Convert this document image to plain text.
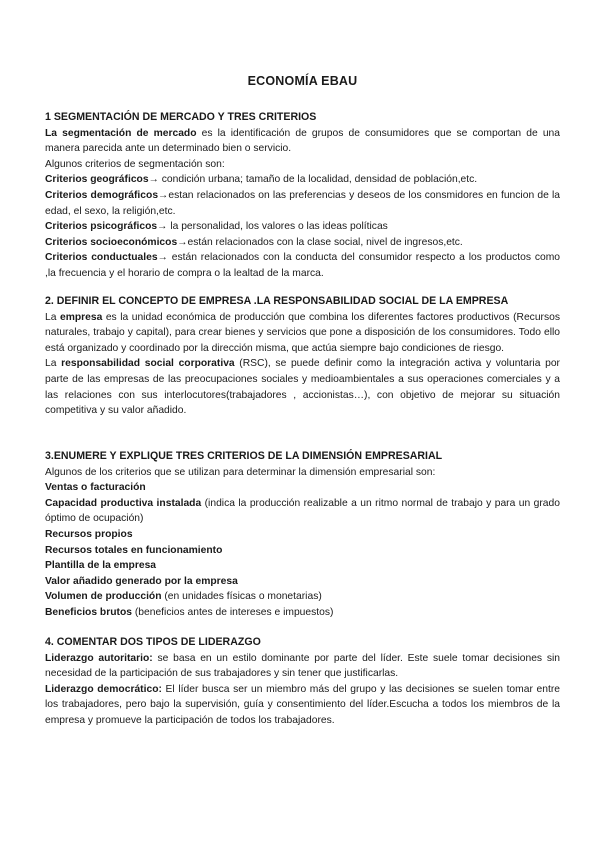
ECONOMÍA EBAU
1 SEGMENTACIÓN DE MERCADO Y TRES CRITERIOS

La segmentación de mercado es la identificación de grupos de consumidores que se comportan de una manera parecida ante un determinado bien o servicio.

Algunos criterios de segmentación son:

Criterios geográficos→ condición urbana; tamaño de la localidad, densidad de población,etc.

Criterios demográficos→estan relacionados on las preferencias y deseos de los consmidores en funcion de la edad, el sexo, la religión,etc.

Criterios psicográficos→ la personalidad, los valores o las ideas políticas

Criterios socioeconómicos→están relacionados con la clase social, nivel de ingresos,etc.

Criterios conductuales→ están relacionados con la conducta del consumidor respecto a los productos como ,la frecuencia y el horario de compra o la lealtad de la marca.

2. DEFINIR EL CONCEPTO DE EMPRESA .LA RESPONSABILIDAD SOCIAL DE LA EMPRESA

La empresa es la unidad económica de producción que combina los diferentes factores productivos (Recursos naturales, trabajo y capital), para crear bienes y servicios que pone a disposición de los consumidores. Todo ello está organizado y coordinado por la dirección misma, que actúa siempre bajo condiciones de riesgo.

La responsabilidad social corporativa (RSC), se puede definir como la integración activa y voluntaria por parte de las empresas de las preocupaciones sociales y medioambientales a sus operaciones comerciales y a las relaciones con sus interlocutores(trabajadores , accionistas…), con objetivo de mejorar su situación competitiva y su valor añadido.

3.ENUMERE Y EXPLIQUE TRES CRITERIOS DE LA DIMENSIÓN EMPRESARIAL

Algunos de los criterios que se utilizan para determinar la dimensión empresarial son:

Ventas o facturación

Capacidad productiva instalada (indica la producción realizable a un ritmo normal de trabajo y para un grado óptimo de ocupación)

Recursos propios

Recursos totales en funcionamiento

Plantilla de la empresa

Valor añadido generado por la empresa

Volumen de producción (en unidades físicas o monetarias)

Beneficios brutos (beneficios antes de intereses e impuestos)

4. COMENTAR DOS TIPOS DE LIDERAZGO

Liderazgo autoritario: se basa en un estilo dominante por parte del líder. Este suele tomar decisiones sin necesidad de la participación de sus trabajadores y sin tener que justificarlas.

Liderazgo democrático: El líder busca ser un miembro más del grupo y las decisiones se suelen tomar entre los trabajadores, pero bajo la supervisión, guía y consentimiento del líder.Escucha a todos los miembros de la empresa y promueve la participación de todos los trabajadores.
